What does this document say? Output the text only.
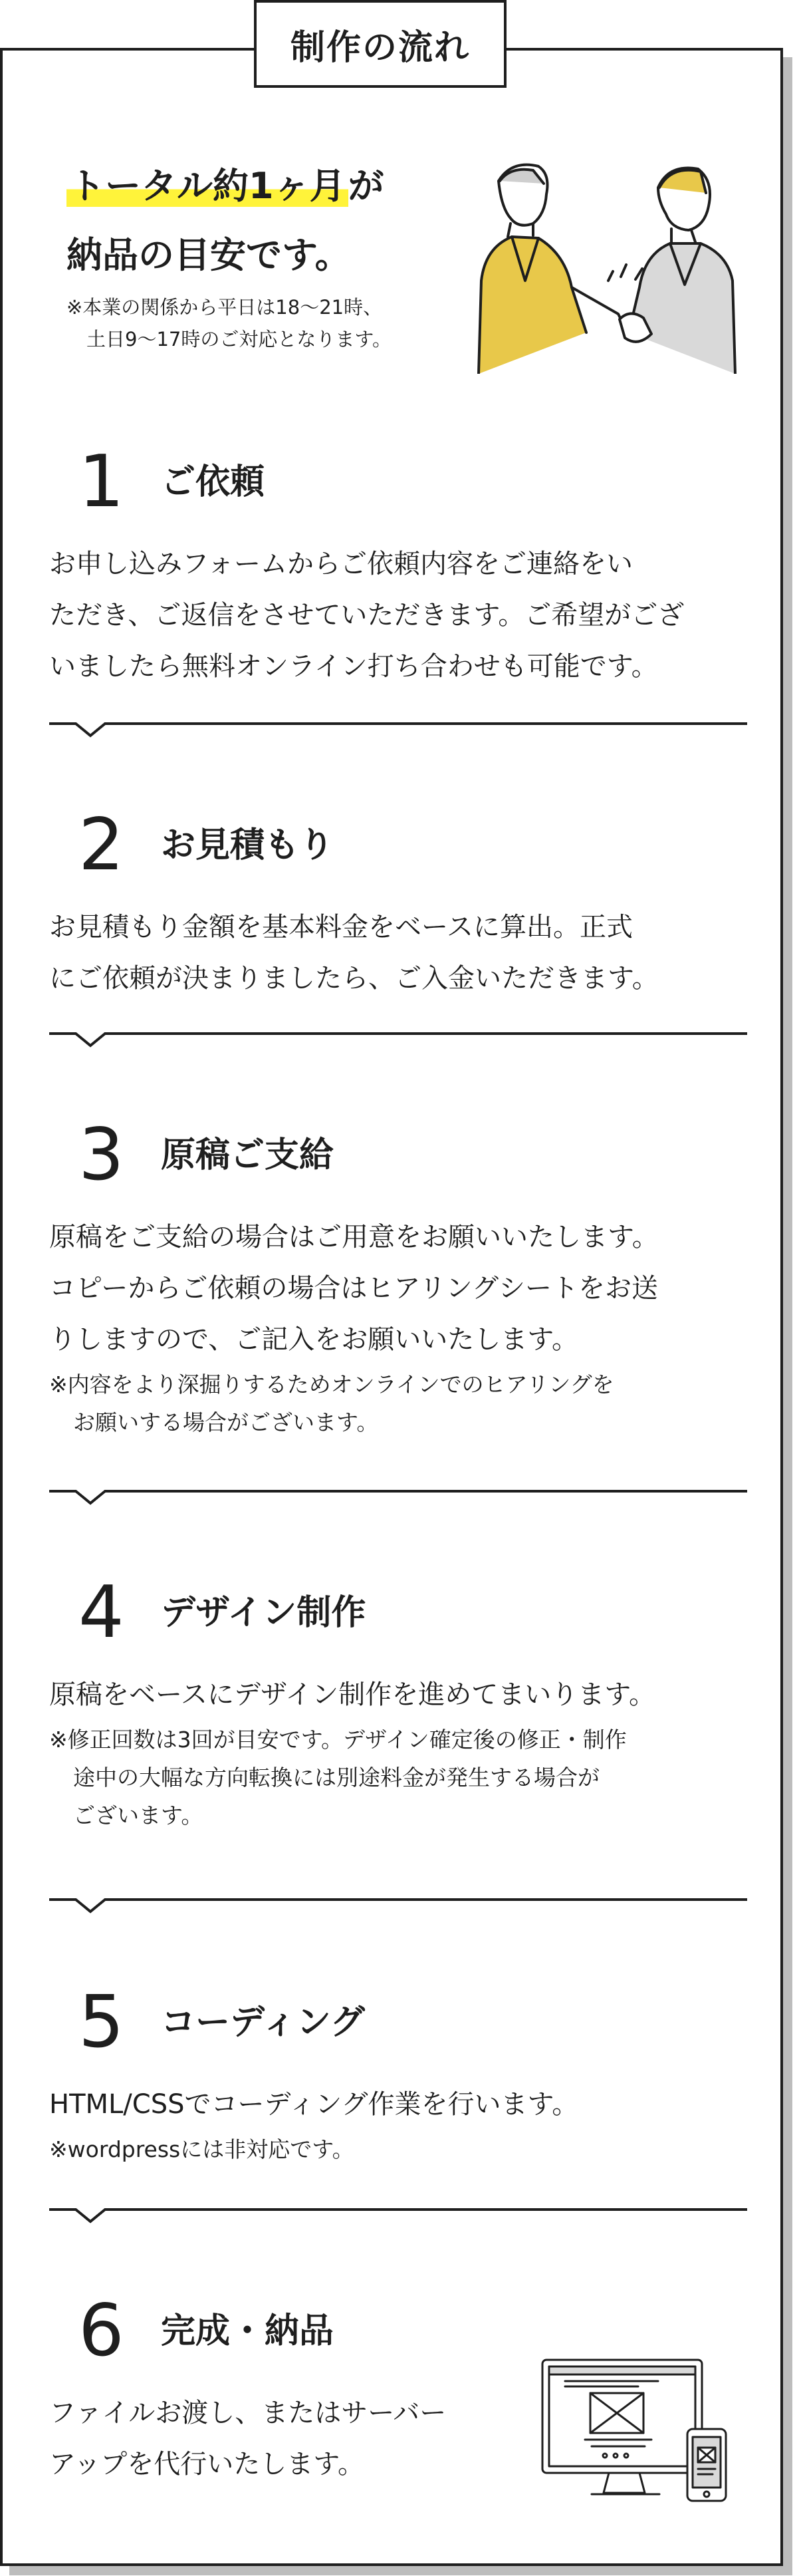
制作の流れ
トータル約1ヶ月が
納品の目安です。
※本業の関係から平日は18〜21時、
土日9〜17時のご対応となります。
1 ご依頼
お申し込みフォームからご依頼内容をご連絡をい
ただき、ご返信をさせていただきます。ご希望がござ
いましたら無料オンライン打ち合わせも可能です。
2 お見積もり
お見積もり金額を基本料金をベースに算出。正式
にご依頼が決まりましたら、ご入金いただきます。
3 原稿ご支給
原稿をご支給の場合はご用意をお願いいたします。
コピーからご依頼の場合はヒアリングシートをお送
りしますので、ご記入をお願いいたします。
※内容をより深掘りするためオンラインでのヒアリングを
お願いする場合がございます。
4 デザイン制作
原稿をベースにデザイン制作を進めてまいります。
※修正回数は3回が目安です。デザイン確定後の修正・制作
途中の大幅な方向転換には別途料金が発生する場合が
ございます。
5 コーディング
HTML/CSSでコーディング作業を行います。
※wordpressには非対応です。
6 完成・納品
ファイルお渡し、またはサーバー
アップを代行いたします。
